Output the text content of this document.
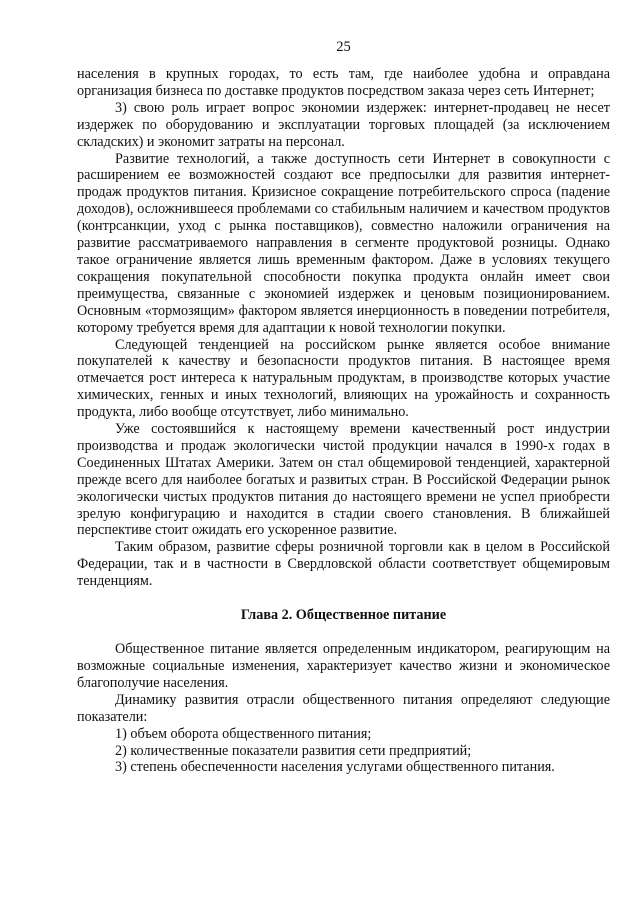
25

населения в крупных городах, то есть там, где наиболее удобна и оправдана организация бизнеса по доставке продуктов посредством заказа через сеть Интернет;

3) свою роль играет вопрос экономии издержек: интернет-продавец не несет издержек по оборудованию и эксплуатации торговых площадей (за исключением складских) и экономит затраты на персонал.

Развитие технологий, а также доступность сети Интернет в совокупности с расширением ее возможностей создают все предпосылки для развития интернет-продаж продуктов питания. Кризисное сокращение потребительского спроса (падение доходов), осложнившееся проблемами со стабильным наличием и качеством продуктов (контрсанкции, уход с рынка поставщиков), совместно наложили ограничения на развитие рассматриваемого направления в сегменте продуктовой розницы. Однако такое ограничение является лишь временным фактором. Даже в условиях текущего сокращения покупательной способности покупка продукта онлайн имеет свои преимущества, связанные с экономией издержек и ценовым позиционированием. Основным «тормозящим» фактором является инерционность в поведении потребителя, которому требуется время для адаптации к новой технологии покупки.

Следующей тенденцией на российском рынке является особое внимание покупателей к качеству и безопасности продуктов питания. В настоящее время отмечается рост интереса к натуральным продуктам, в производстве которых участие химических, генных и иных технологий, влияющих на урожайность и сохранность продукта, либо вообще отсутствует, либо минимально.

Уже состоявшийся к настоящему времени качественный рост индустрии производства и продаж экологически чистой продукции начался в 1990-х годах в Соединенных Штатах Америки. Затем он стал общемировой тенденцией, характерной прежде всего для наиболее богатых и развитых стран. В Российской Федерации рынок экологически чистых продуктов питания до настоящего времени не успел приобрести зрелую конфигурацию и находится в стадии своего становления. В ближайшей перспективе стоит ожидать его ускоренное развитие.

Таким образом, развитие сферы розничной торговли как в целом в Российской Федерации, так и в частности в Свердловской области соответствует общемировым тенденциям.

Глава 2. Общественное питание

Общественное питание является определенным индикатором, реагирующим на возможные социальные изменения, характеризует качество жизни и экономическое благополучие населения.

Динамику развития отрасли общественного питания определяют следующие показатели:

1) объем оборота общественного питания;

2) количественные показатели развития сети предприятий;

3) степень обеспеченности населения услугами общественного питания.
